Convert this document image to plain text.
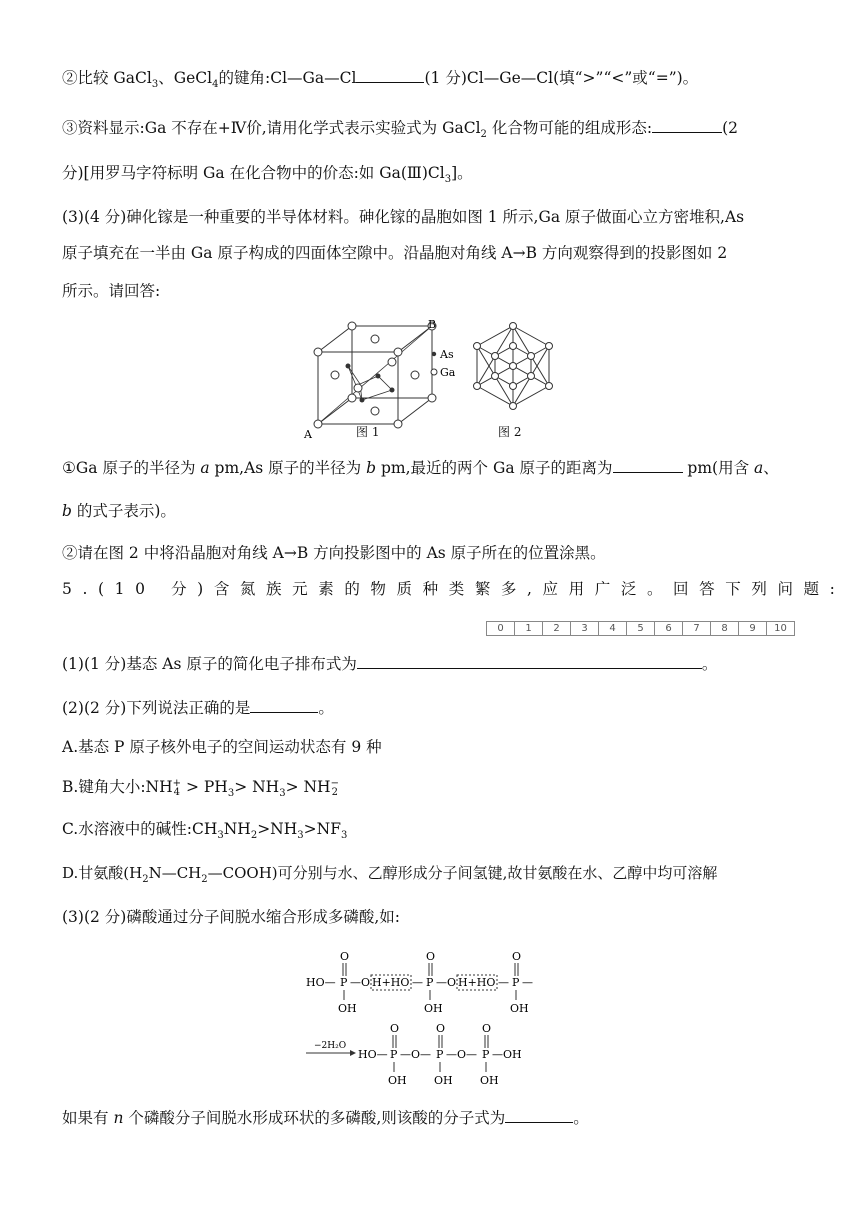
②比较 GaCl$_3$、GeCl$_4$的键角:Cl—Ga—Cl	(1 分)Cl—Ge—Cl(填“>”“<”或“=”)。
③资料显示:Ga 不存在+Ⅳ价,请用化学式表示实验式为 GaCl$_2$ 化合物可能的组成形态:	(2
分)[用罗马字符标明 Ga 在化合物中的价态:如 $Ga(Ⅲ)Cl_3$]。
(3)(4 分)砷化镓是一种重要的半导体材料。砷化镓的晶胞如图 1 所示,Ga 原子做面心立方密堆积,As
原子填充在一半由 Ga 原子构成的四面体空隙中。沿晶胞对角线 A→B 方向观察得到的投影图如 2
所示。请回答:
A
B
As
Ga
图 1	图 2
①Ga 原子的半径为 a pm,As 原子的半径为 b pm,最近的两个 Ga 原子的距离为	pm(用含 a、
b 的式子表示)。
②请在图 2 中将沿晶胞对角线 A→B 方向投影图中的 As 原子所在的位置涂黑。
5.(10 分)含氮族元素的物质种类繁多,应用广泛。回答下列问题:
0	1	2	3	4	5	6	7	8	9	10
(1)(1 分)基态 As 原子的简化电子排布式为	。
(2)(2 分)下列说法正确的是	。
A.基态 P 原子核外电子的空间运动状态有 9 种
B.键角大小:NH +
$4 > PH_3> NH_3>$ NH −
2
C.水溶液中的碱性$:CH_3NH_2>NH_3>NF_3$
D.甘氨酸$(H_2N—CH_2—COOH)$可分别与水、乙醇形成分子间氢键,故甘氨酸在水、乙醇中均可溶解
(3)(2 分)磷酸通过分子间脱水缩合形成多磷酸,如:
HO—
O
P
OH
—O H+HO —
O
P
OH
—O H+HO —
O
P
OH
—
−2H₂O
HO—
O
P
OH
—O—
O
P
OH
—O—
O
P
OH
—OH
如果有 n 个磷酸分子间脱水形成环状的多磷酸,则该酸的分子式为	。
